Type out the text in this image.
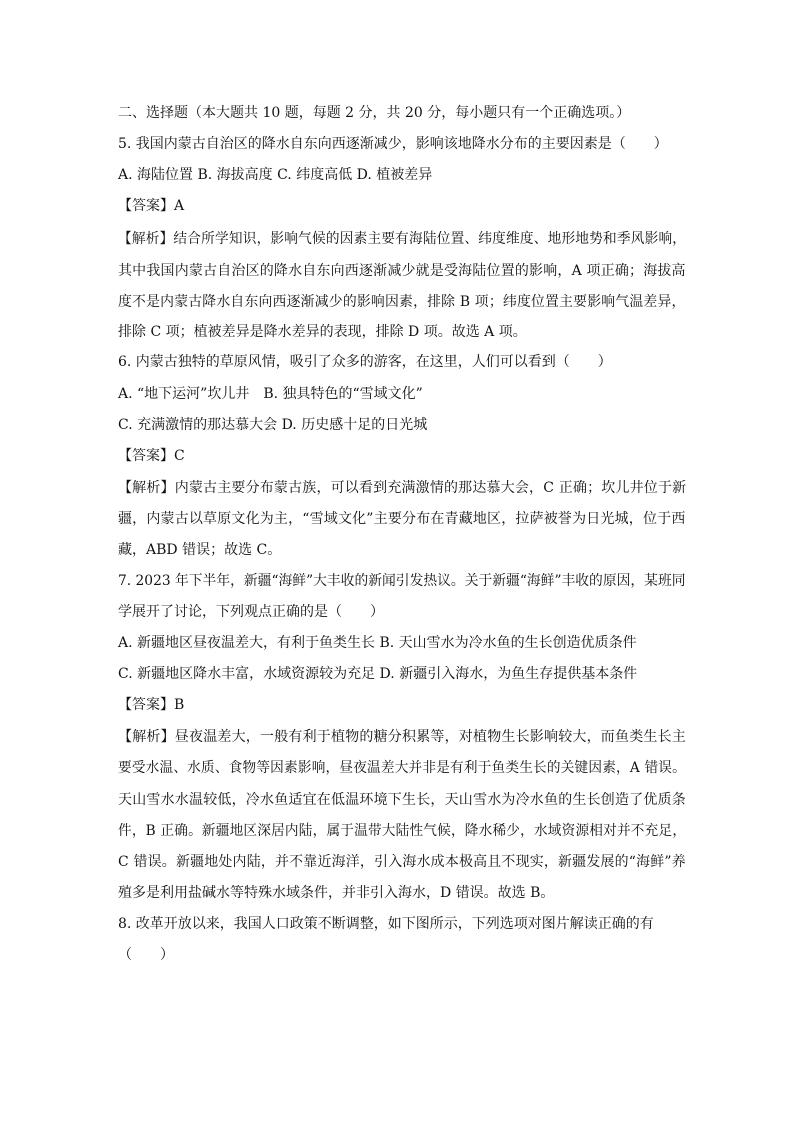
二、选择题（本大题共 10 题，每题 2 分，共 20 分，每小题只有一个正确选项。）
5. 我国内蒙古自治区的降水自东向西逐渐减少，影响该地降水分布的主要因素是（　　）
A. 海陆位置 B. 海拔高度 C. 纬度高低 D. 植被差异
【答案】A
【解析】结合所学知识，影响气候的因素主要有海陆位置、纬度维度、地形地势和季风影响，
其中我国内蒙古自治区的降水自东向西逐渐减少就是受海陆位置的影响，A 项正确；海拔高
度不是内蒙古降水自东向西逐渐减少的影响因素，排除 B 项；纬度位置主要影响气温差异，
排除 C 项；植被差异是降水差异的表现，排除 D 项。故选 A 项。
6. 内蒙古独特的草原风情，吸引了众多的游客，在这里，人们可以看到（　　）
A. “地下运河”坎儿井　B. 独具特色的“雪域文化”
C. 充满激情的那达慕大会 D. 历史感十足的日光城
【答案】C
【解析】内蒙古主要分布蒙古族，可以看到充满激情的那达慕大会，C 正确；坎儿井位于新
疆，内蒙古以草原文化为主，“雪域文化”主要分布在青藏地区，拉萨被誉为日光城，位于西
藏，ABD 错误；故选 C。
7. 2023 年下半年，新疆“海鲜”大丰收的新闻引发热议。关于新疆“海鲜”丰收的原因，某班同
学展开了讨论，下列观点正确的是（　　）
A. 新疆地区昼夜温差大，有利于鱼类生长 B. 天山雪水为冷水鱼的生长创造优质条件
C. 新疆地区降水丰富，水域资源较为充足 D. 新疆引入海水，为鱼生存提供基本条件
【答案】B
【解析】昼夜温差大，一般有利于植物的糖分积累等，对植物生长影响较大，而鱼类生长主
要受水温、水质、食物等因素影响，昼夜温差大并非是有利于鱼类生长的关键因素，A 错误。
天山雪水水温较低，冷水鱼适宜在低温环境下生长，天山雪水为冷水鱼的生长创造了优质条
件，B 正确。新疆地区深居内陆，属于温带大陆性气候，降水稀少，水域资源相对并不充足，
C 错误。新疆地处内陆，并不靠近海洋，引入海水成本极高且不现实，新疆发展的“海鲜”养
殖多是利用盐碱水等特殊水域条件，并非引入海水，D 错误。故选 B。
8. 改革开放以来，我国人口政策不断调整，如下图所示，下列选项对图片解读正确的有
（　　）
